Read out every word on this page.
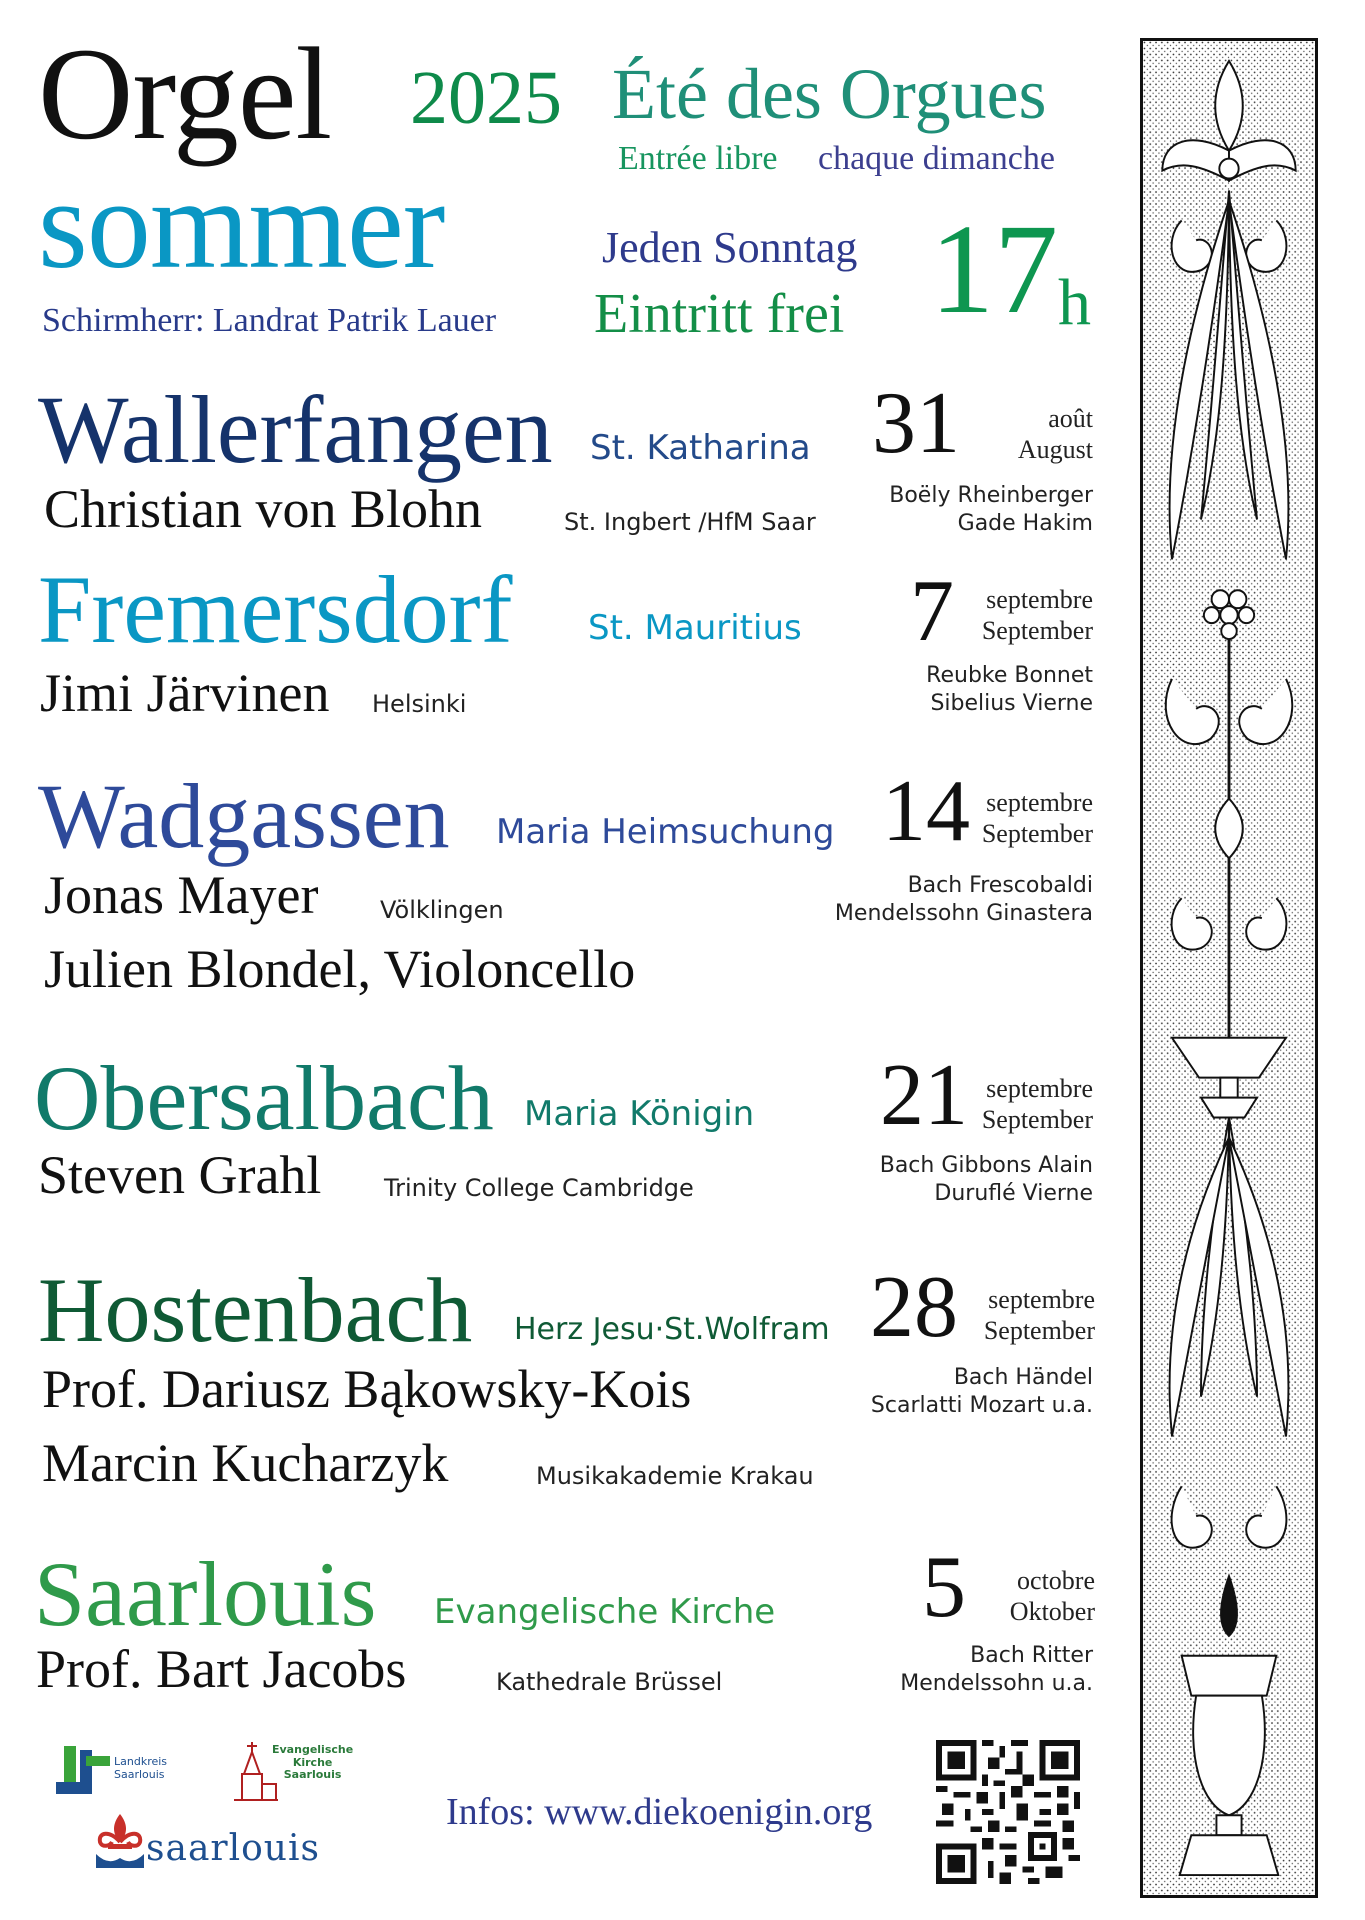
Orgel 2025
sommer
Été des Orgues
Entrée libre chaque dimanche
Jeden Sonntag
Eintritt frei
Schirmherr: Landrat Patrik Lauer	17 h
Wallerfangen St. Katharina
Christian von Blohn	St. Ingbert /HfM Saar
31	août
August
Boëly Rheinberger
Gade Hakim
Fremersdorf St. Mauritius
Jimi Järvinen Helsinki
7 septembre
September
Reubke Bonnet
Sibelius Vierne
Wadgassen Maria Heimsuchung
Jonas Mayer	Völklingen
Julien Blondel, Violoncello
14 septembre
September
Bach Frescobaldi
Mendelssohn Ginastera
Obersalbach Maria Königin
Steven Grahl	Trinity College Cambridge
21 septembre
September
Bach Gibbons Alain
Duruflé Vierne
Hostenbach Herz Jesu·St.Wolfram
Prof. Dariusz Bąkowsky-Kois
Marcin Kucharzyk	Musikakademie Krakau
28 septembre
September
Bach Händel
Scarlatti Mozart u.a.
Saarlouis Evangelische Kirche
Prof. Bart Jacobs	Kathedrale Brüssel
5 octobre
Oktober
Bach Ritter
Mendelssohn u.a.
Landkreis
Saarlouis
Evangelische
Kirche
Saarlouis
saarlouis
Infos: www.diekoenigin.org
